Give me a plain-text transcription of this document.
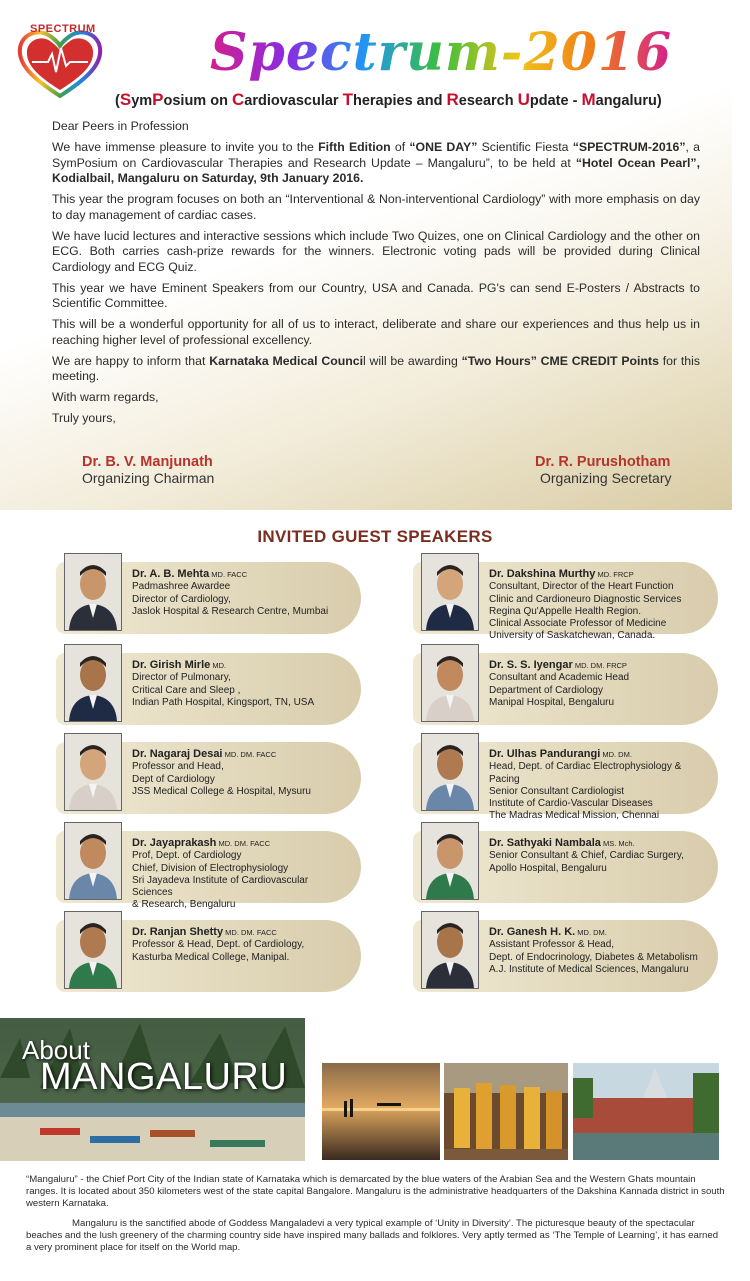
SPECTRUM Spectrum-2016
(SymPosium on Cardiovascular Therapies and Research Update - Mangaluru)

Dear Peers in Profession

We have immense pleasure to invite you to the Fifth Edition of “ONE DAY” Scientific Fiesta “SPECTRUM-2016”, a SymPosium on Cardiovascular Therapies and Research Update – Mangaluru”, to be held at “Hotel Ocean Pearl”, Kodialbail, Mangaluru on Saturday, 9th January 2016.

This year the program focuses on both an “Interventional & Non-interventional Cardiology” with more emphasis on day to day management of cardiac cases.

We have lucid lectures and interactive sessions which include Two Quizes, one on Clinical Cardiology and the other on ECG. Both carries cash-prize rewards for the winners. Electronic voting pads will be provided during Clinical Cardiology and ECG Quiz.

This year we have Eminent Speakers from our Country, USA and Canada. PG's can send E-Posters / Abstracts to Scientific Committee.

This will be a wonderful opportunity for all of us to interact, deliberate and share our experiences and thus help us in reaching higher level of professional excellency.

We are happy to inform that Karnataka Medical Council will be awarding “Two Hours” CME CREDIT Points for this meeting.

With warm regards,

Truly yours,

Dr. B. V. Manjunath
Organizing Chairman
Dr. R. Purushotham
Organizing Secretary
INVITED GUEST SPEAKERS
Dr. A. B. Mehta MD. FACC
Padmashree Awardee
Director of Cardiology,
Jaslok Hospital & Research Centre, Mumbai
Dr. Girish Mirle MD.
Director of Pulmonary,
Critical Care and Sleep ,
Indian Path Hospital, Kingsport, TN, USA
Dr. Nagaraj Desai MD. DM. FACC
Professor and Head,
Dept of Cardiology
JSS Medical College & Hospital, Mysuru
Dr. Jayaprakash MD. DM. FACC
Prof, Dept. of Cardiology
Chief, Division of Electrophysiology
Sri Jayadeva Institute of Cardiovascular Sciences
& Research, Bengaluru
Dr. Ranjan Shetty MD. DM. FACC
Professor & Head, Dept. of Cardiology,
Kasturba Medical College, Manipal.
Dr. Dakshina Murthy MD. FRCP
Consultant, Director of the Heart Function
Clinic and Cardioneuro Diagnostic Services
Regina Qu'Appelle Health Region.
Clinical Associate Professor of Medicine
University of Saskatchewan, Canada.
Dr. S. S. Iyengar MD. DM. FRCP
Consultant and Academic Head
Department of Cardiology
Manipal Hospital, Bengaluru
Dr. Ulhas Pandurangi MD. DM.
Head, Dept. of Cardiac Electrophysiology & Pacing
Senior Consultant Cardiologist
Institute of Cardio-Vascular Diseases
The Madras Medical Mission, Chennai
Dr. Sathyaki Nambala MS. Mch.
Senior Consultant & Chief, Cardiac Surgery,
Apollo Hospital, Bengaluru
Dr. Ganesh H. K. MD. DM.
Assistant Professor & Head,
Dept. of Endocrinology, Diabetes & Metabolism
A.J. Institute of Medical Sciences, Mangaluru
About
MANGALURU

“Mangaluru” - the Chief Port City of the Indian state of Karnataka which is demarcated by the blue waters of the Arabian Sea and the Western Ghats mountain ranges. It is located about 350 kilometers west of the state capital Bangalore. Mangaluru is the administrative headquarters of the Dakshina Kannada district in south western Karnataka.

Mangaluru is the sanctified abode of Goddess Mangaladevi a very typical example of ‘Unity in Diversity’. The picturesque beauty of the spectacular beaches and the lush greenery of the charming country side have inspired many ballads and folklores. Very aptly termed as ‘The Temple of Learning’, it has earned a very prominent place for itself on the World map.
